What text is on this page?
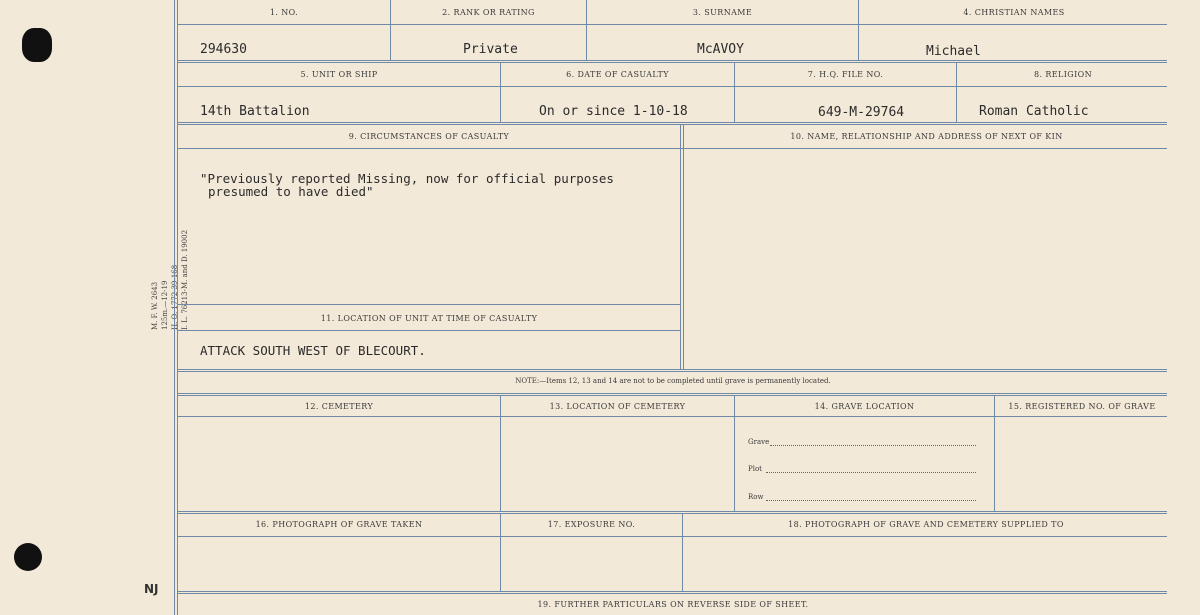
M. F. W. 2643 125m.—12-19 H. Q. 1772-39-168 I. L. 76213-M. and D. 19002
NJ
1. NO.	2. RANK OR RATING	3. SURNAME	4. CHRISTIAN NAMES
294630	Private	McAVOY	Michael
5. UNIT OR SHIP	6. DATE OF CASUALTY	7. H.Q. FILE NO.	8. RELIGION
14th Battalion	On or since 1-10-18	649-M-29764	Roman Catholic
9. CIRCUMSTANCES OF CASUALTY	10. NAME, RELATIONSHIP AND ADDRESS OF NEXT OF KIN
"Previously reported Missing, now for official purposes
presumed to have died"
11. LOCATION OF UNIT AT TIME OF CASUALTY
ATTACK SOUTH WEST OF BLECOURT.
NOTE:—Items 12, 13 and 14 are not to be completed until grave is permanently located.
12. CEMETERY	13. LOCATION OF CEMETERY	14. GRAVE LOCATION	15. REGISTERED NO. OF GRAVE
Grave
Plot
Row
16. PHOTOGRAPH OF GRAVE TAKEN	17. EXPOSURE NO.	18. PHOTOGRAPH OF GRAVE AND CEMETERY SUPPLIED TO
19. FURTHER PARTICULARS ON REVERSE SIDE OF SHEET.
